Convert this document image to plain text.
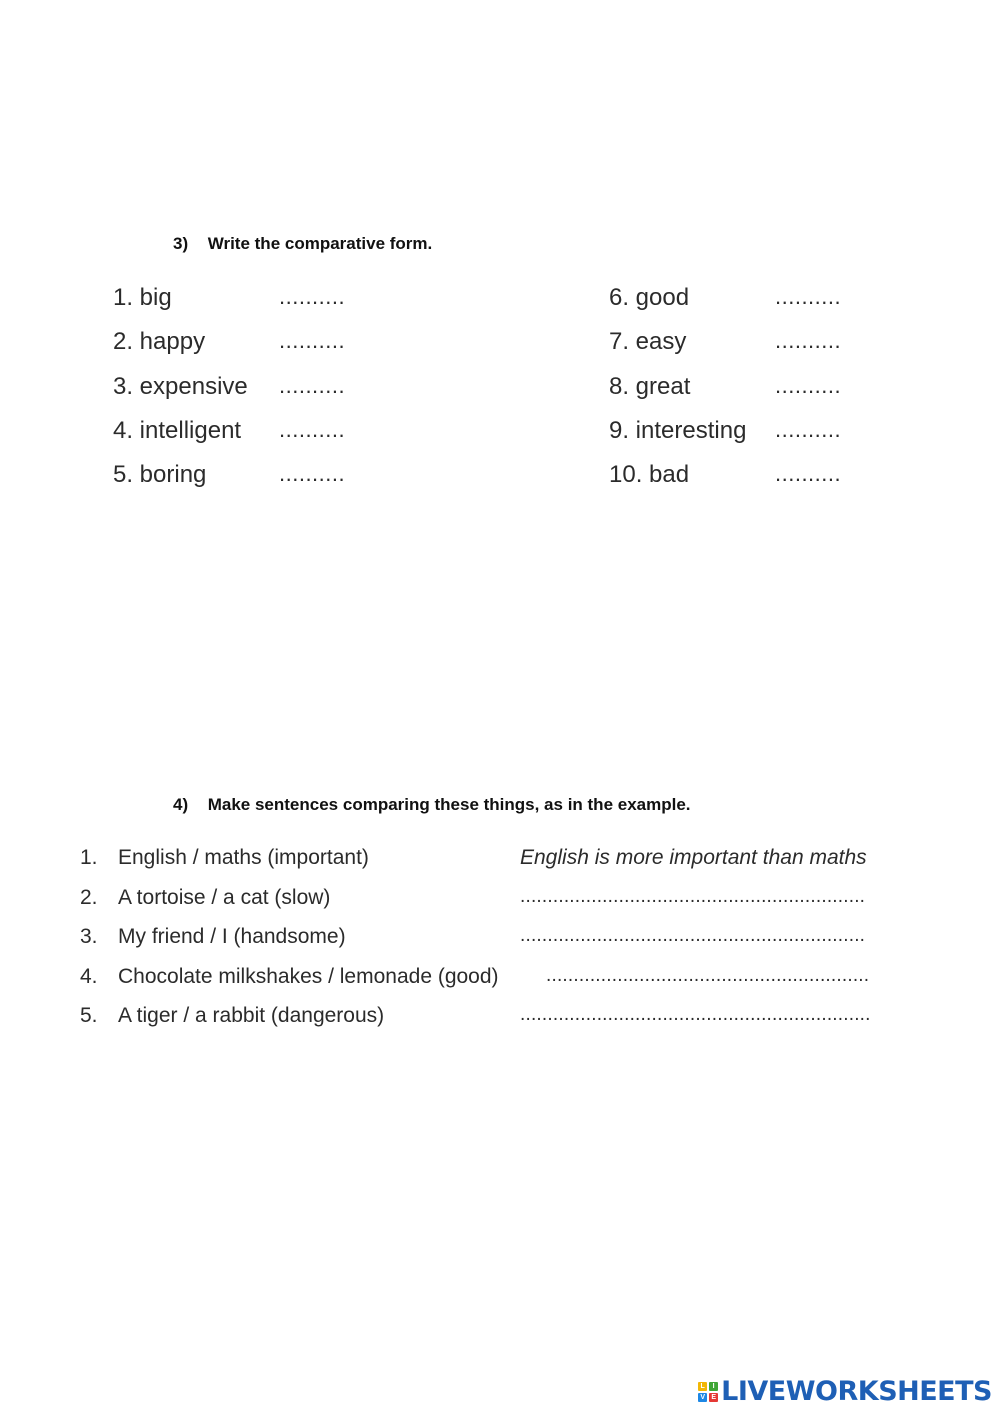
3) Write the comparative form.
1. big	..........
2. happy	..........
3. expensive	..........
4. intelligent	..........
5. boring	..........
6. good	..........
7. easy	..........
8. great	..........
9. interesting	..........
10. bad	..........
4) Make sentences comparing these things, as in the example.
1. English / maths (important)	English is more important than maths
2. A tortoise / a cat (slow)	...............................................................
3. My friend / I (handsome)	...............................................................
4. Chocolate milkshakes / lemonade (good) ...........................................................
5. A tiger / a rabbit (dangerous)	................................................................
L	I
V E LIVEWORKSHEETS
